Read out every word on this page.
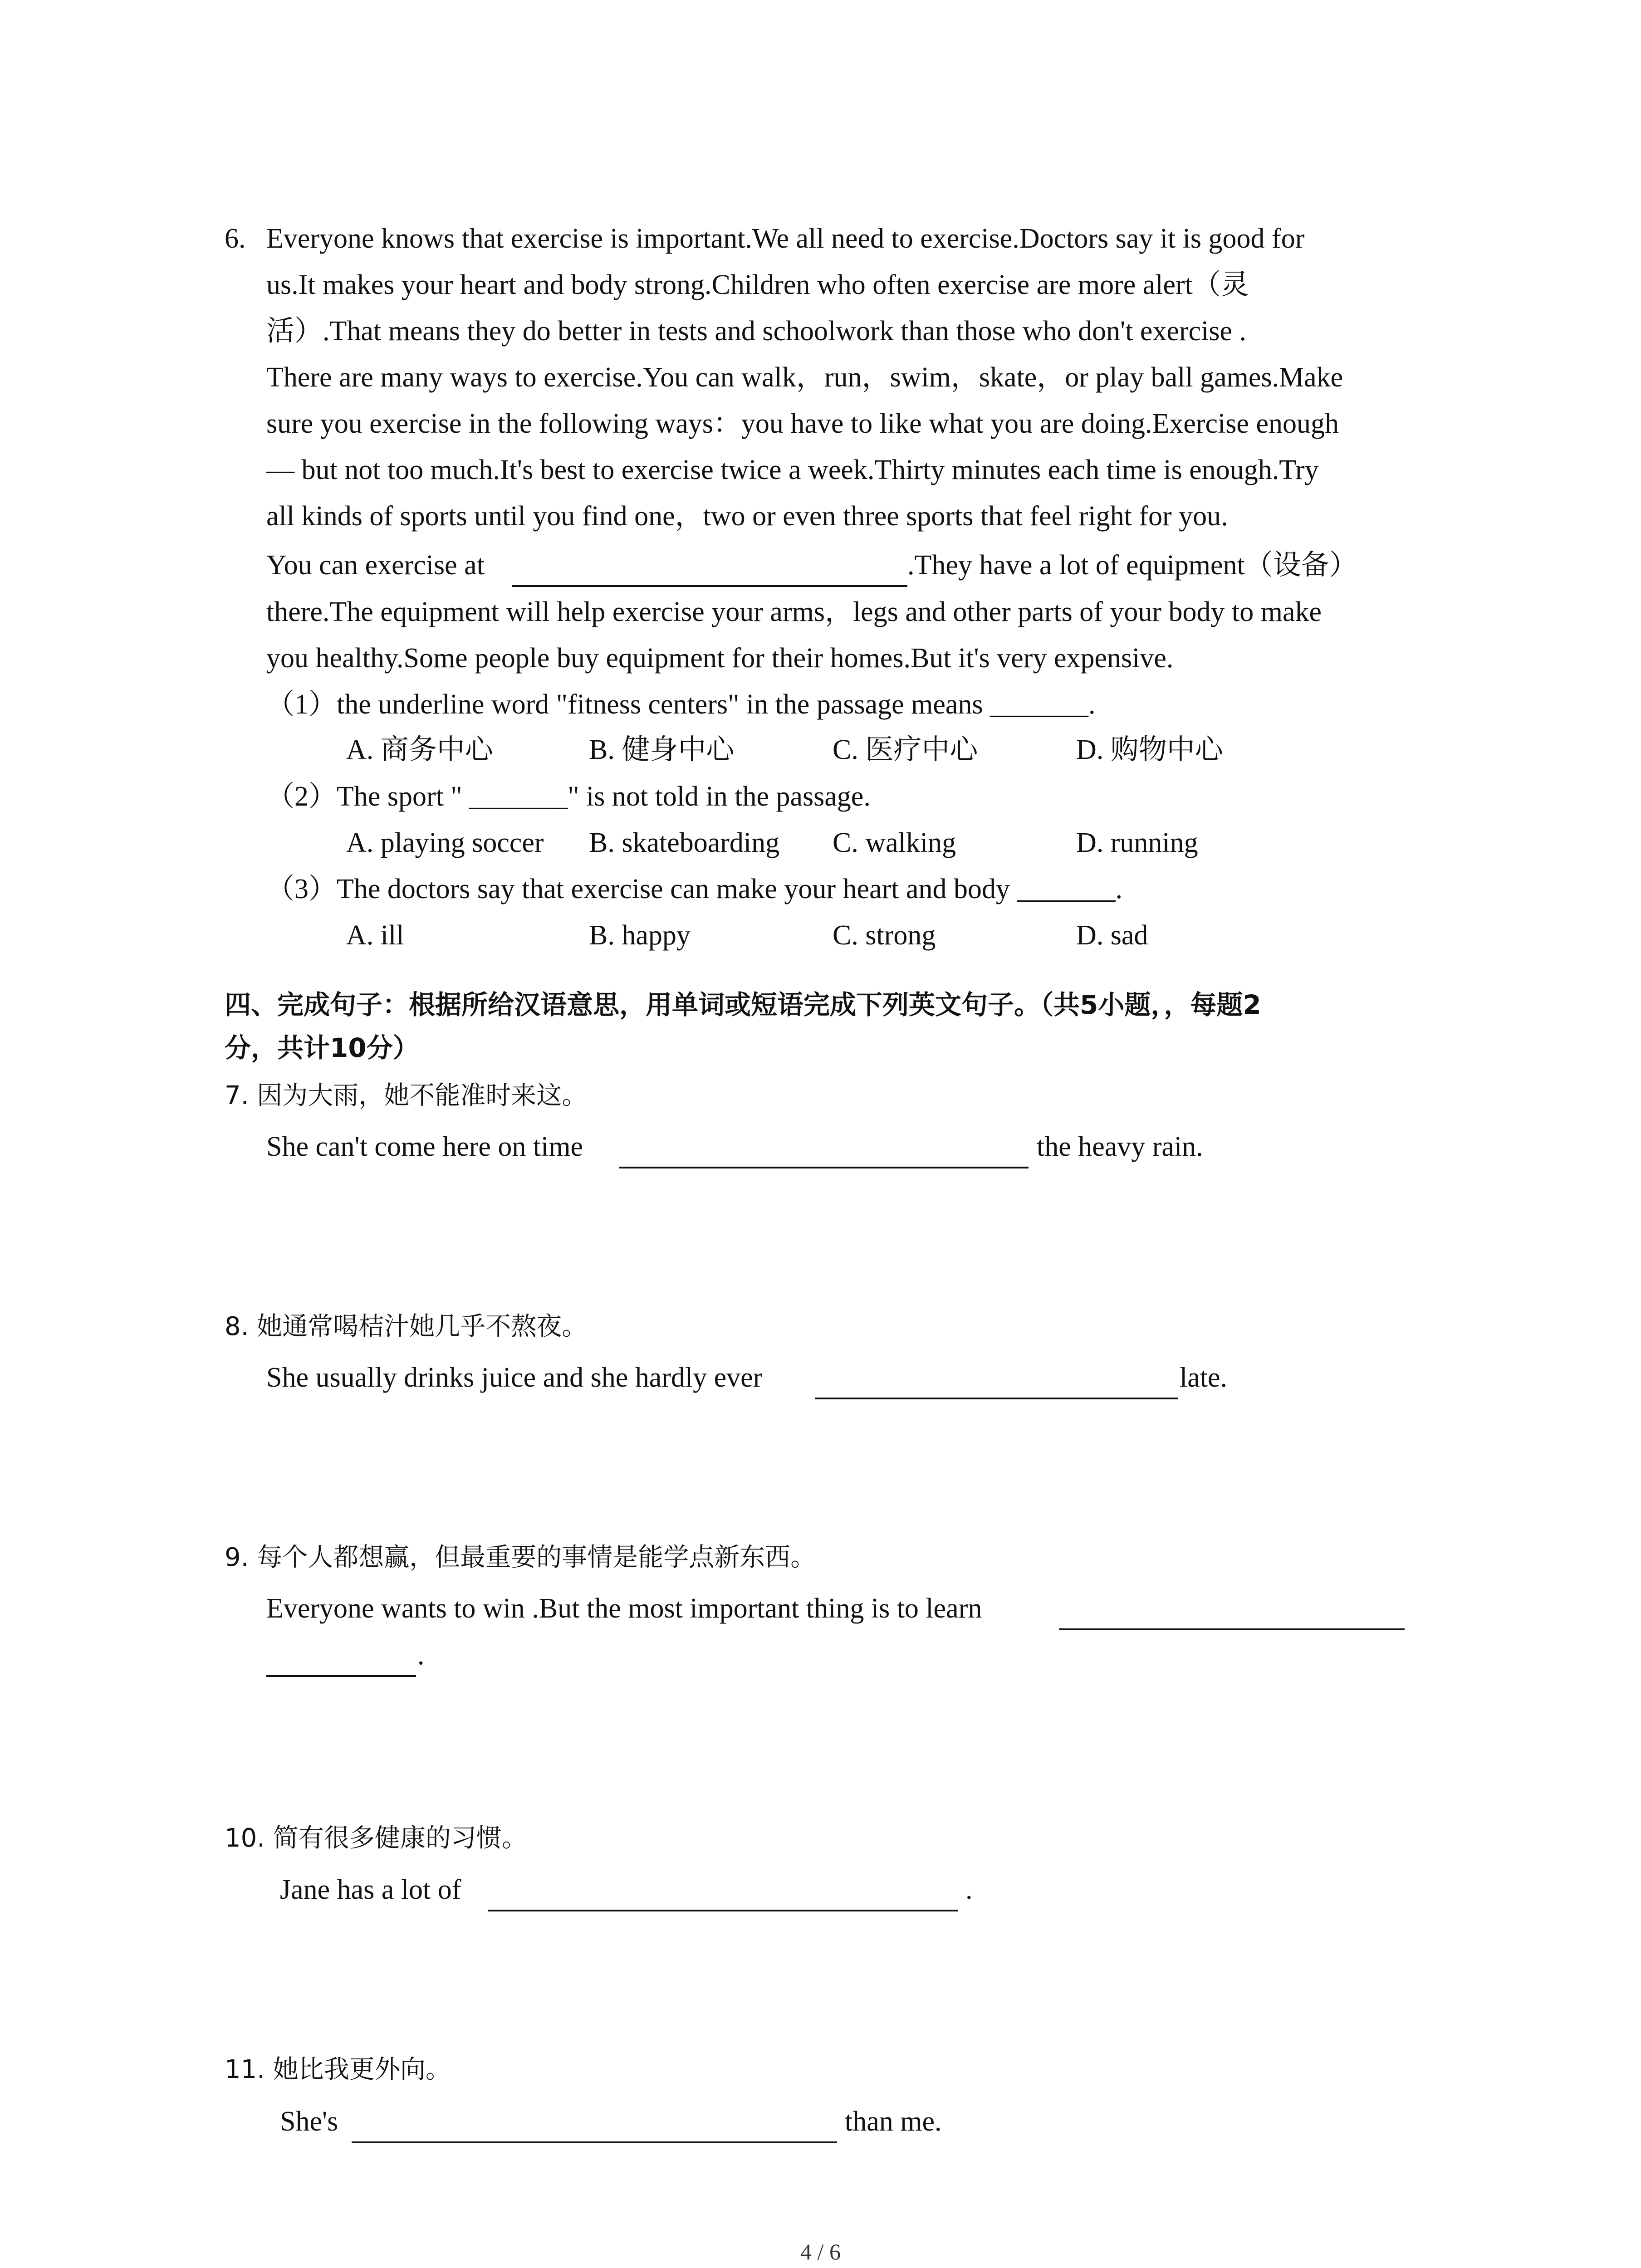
6. Everyone knows that exercise is important.We all need to exercise.Doctors say it is good for
us.It makes your heart and body strong.Children who often exercise are more alert（灵
活）.That means they do better in tests and schoolwork than those who don't exercise .
There are many ways to exercise.You can walk，run，swim，skate，or play ball games.Make
sure you exercise in the following ways：you have to like what you are doing.Exercise enough
— but not too much.It's best to exercise twice a week.Thirty minutes each time is enough.Try
all kinds of sports until you find one，two or even three sports that feel right for you.
You can exercise at	.They have a lot of equipment（设备）
there.The equipment will help exercise your arms，legs and other parts of your body to make
you healthy.Some people buy equipment for their homes.But it's very expensive.
（1）the underline word "fitness centers" in the passage means _______.
A. 商务中心	B. 健身中心	C. 医疗中心	D. 购物中心
（2）The sport " _______" is not told in the passage.
A. playing soccer B. skateboarding C. walking	D. running
（3）The doctors say that exercise can make your heart and body _______.
A. ill	B. happy	C. strong	D. sad
四、完成句子：根据所给汉语意思，用单词或短语完成下列英文句子。（共5小题，，每题2
分，共计10分）
7. 因为大雨，她不能准时来这。
She can't come here on time	the heavy rain.
8. 她通常喝桔汁她几乎不熬夜。
She usually drinks juice and she hardly ever	late.
9. 每个人都想赢，但最重要的事情是能学点新东西。
Everyone wants to win .But the most important thing is to learn
.
10. 简有很多健康的习惯。
Jane has a lot of	.
11. 她比我更外向。
She's	than me.
4 / 6
